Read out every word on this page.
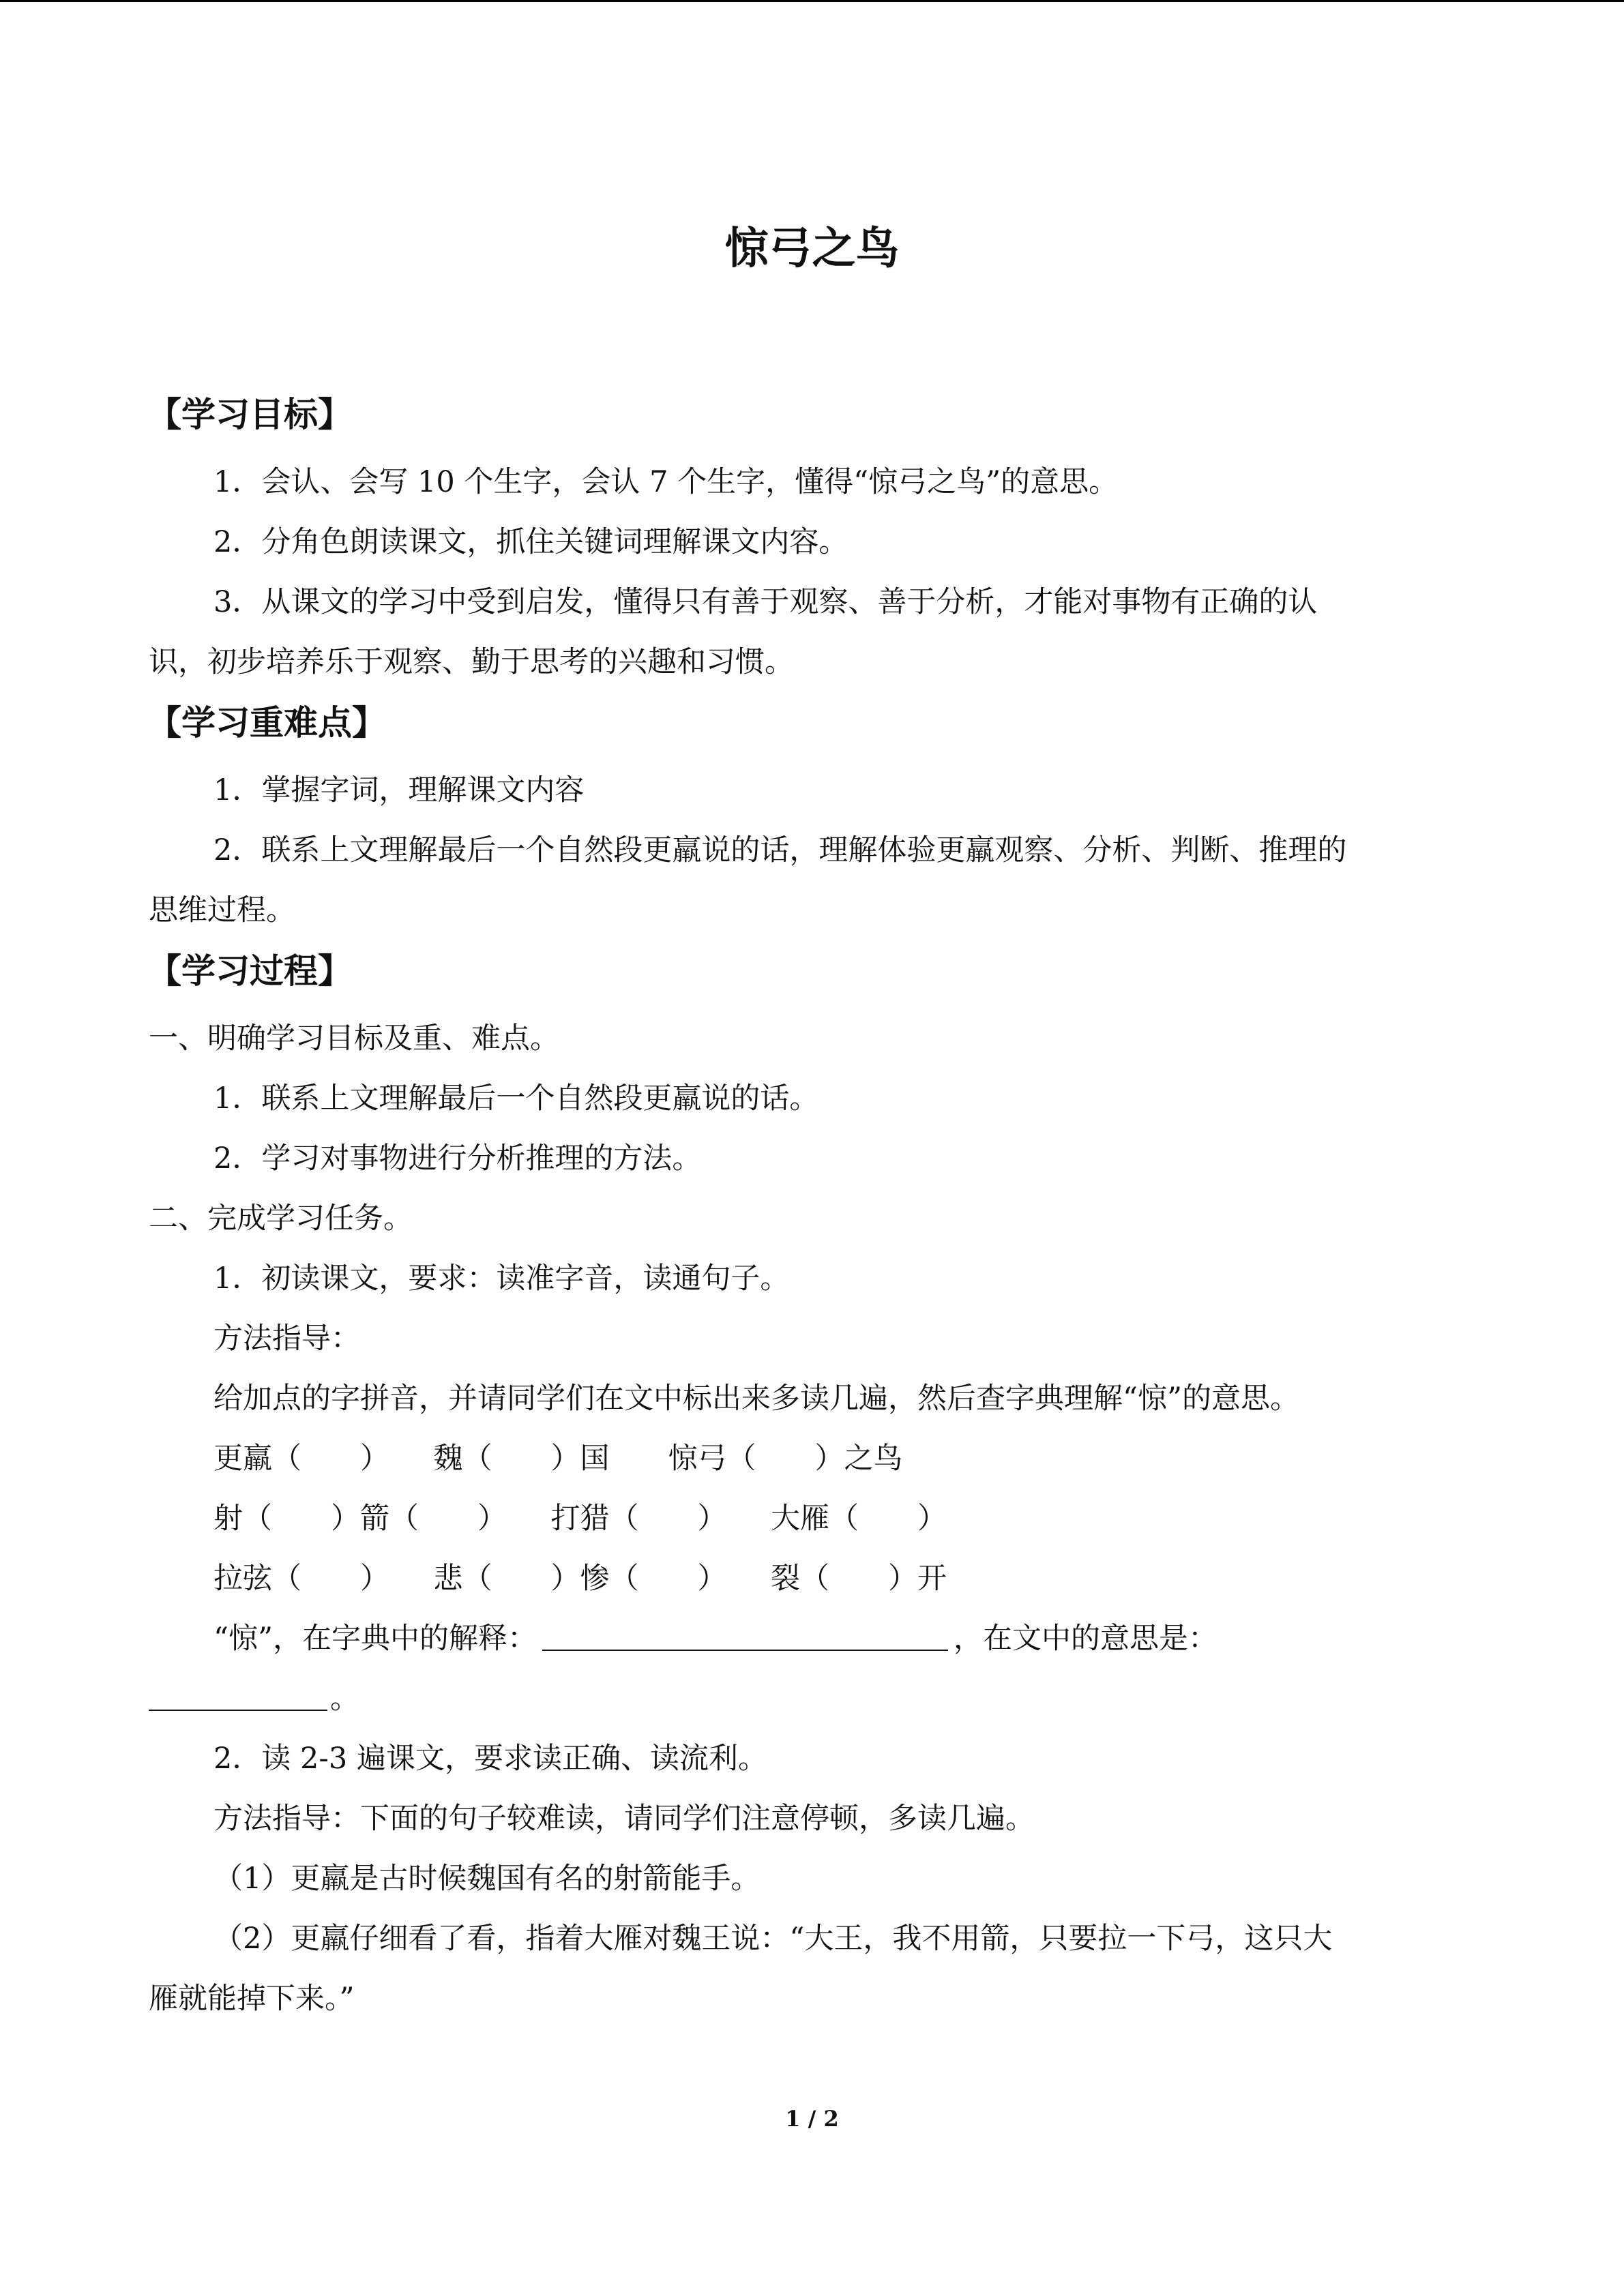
惊弓之鸟
【学习目标】
1．会认、会写 10 个生字，会认 7 个生字，懂得“惊弓之鸟”的意思。
2．分角色朗读课文，抓住关键词理解课文内容。
3．从课文的学习中受到启发，懂得只有善于观察、善于分析，才能对事物有正确的认
识，初步培养乐于观察、勤于思考的兴趣和习惯。
【学习重难点】
1．掌握字词，理解课文内容
2．联系上文理解最后一个自然段更羸说的话，理解体验更羸观察、分析、判断、推理的
思维过程。
【学习过程】
一、明确学习目标及重、难点。
1．联系上文理解最后一个自然段更羸说的话。
2．学习对事物进行分析推理的方法。
二、完成学习任务。
1．初读课文，要求：读准字音，读通句子。
方法指导：
给加点的字拼音，并请同学们在文中标出来多读几遍，然后查字典理解“惊”的意思。
更羸（　　）　　魏（　　）国　　惊弓（　　）之鸟
射（　　）箭（　　）　　打猎（　　）　　大雁（　　）
拉弦（　　）　　悲（　　）惨（　　）　　裂（　　）开
“惊”，在字典中的解释：	，在文中的意思是：
。
2．读 2-3 遍课文，要求读正确、读流利。
方法指导：下面的句子较难读，请同学们注意停顿，多读几遍。
（1）更羸是古时候魏国有名的射箭能手。
（2）更羸仔细看了看，指着大雁对魏王说：“大王，我不用箭，只要拉一下弓，这只大
雁就能掉下来。”
1 / 2
